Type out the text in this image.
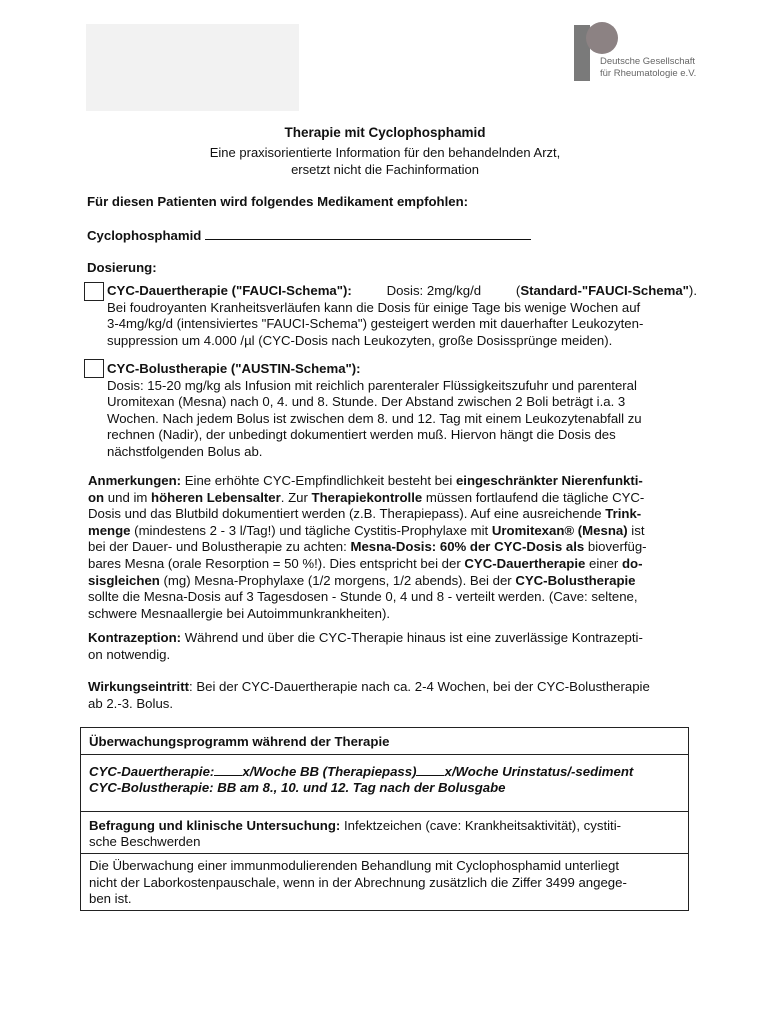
Deutsche Gesellschaft
für Rheumatologie e.V.
Therapie mit Cyclophosphamid
Eine praxisorientierte Information für den behandelnden Arzt,
ersetzt nicht die Fachinformation
Für diesen Patienten wird folgendes Medikament empfohlen:
Cyclophosphamid
Dosierung:
CYC-Dauertherapie ("FAUCI-Schema"):	Dosis: 2mg/kg/d	(Standard-"FAUCI-Schema").
Bei foudroyanten Kranheitsverläufen kann die Dosis für einige Tage bis wenige Wochen auf
3-4mg/kg/d (intensiviertes "FAUCI-Schema") gesteigert werden mit dauerhafter Leukozyten-
suppression um 4.000 /µl (CYC-Dosis nach Leukozyten, große Dosissprünge meiden).
CYC-Bolustherapie ("AUSTIN-Schema"):
Dosis: 15-20 mg/kg als Infusion mit reichlich parenteraler Flüssigkeitszufuhr und parenteral
Uromitexan (Mesna) nach 0, 4. und 8. Stunde. Der Abstand zwischen 2 Boli beträgt i.a. 3
Wochen. Nach jedem Bolus ist zwischen dem 8. und 12. Tag mit einem Leukozytenabfall zu
rechnen (Nadir), der unbedingt dokumentiert werden muß. Hiervon hängt die Dosis des
nächstfolgenden Bolus ab.
Anmerkungen: Eine erhöhte CYC-Empfindlichkeit besteht bei eingeschränkter Nierenfunkti-
on und im höheren Lebensalter. Zur Therapiekontrolle müssen fortlaufend die tägliche CYC-
Dosis und das Blutbild dokumentiert werden (z.B. Therapiepass). Auf eine ausreichende Trink-
menge (mindestens 2 - 3 l/Tag!) und tägliche Cystitis-Prophylaxe mit Uromitexan® (Mesna) ist
bei der Dauer- und Bolustherapie zu achten: Mesna-Dosis: 60% der CYC-Dosis als bioverfüg-
bares Mesna (orale Resorption = 50 %!). Dies entspricht bei der CYC-Dauertherapie einer do-
sisgleichen (mg) Mesna-Prophylaxe (1/2 morgens, 1/2 abends). Bei der CYC-Bolustherapie
sollte die Mesna-Dosis auf 3 Tagesdosen - Stunde 0, 4 und 8 - verteilt werden. (Cave: seltene,
schwere Mesnaallergie bei Autoimmunkrankheiten).
Kontrazeption: Während und über die CYC-Therapie hinaus ist eine zuverlässige Kontrazepti-
on notwendig.
Wirkungseintritt: Bei der CYC-Dauertherapie nach ca. 2-4 Wochen, bei der CYC-Bolustherapie
ab 2.-3. Bolus.
Überwachungsprogramm während der Therapie
CYC-Dauertherapie: x/Woche BB (Therapiepass) x/Woche Urinstatus/-sediment
CYC-Bolustherapie: BB am 8., 10. und 12. Tag nach der Bolusgabe
Befragung und klinische Untersuchung: Infektzeichen (cave: Krankheitsaktivität), cystiti-
sche Beschwerden
Die Überwachung einer immunmodulierenden Behandlung mit Cyclophosphamid unterliegt
nicht der Laborkostenpauschale, wenn in der Abrechnung zusätzlich die Ziffer 3499 angege-
ben ist.
